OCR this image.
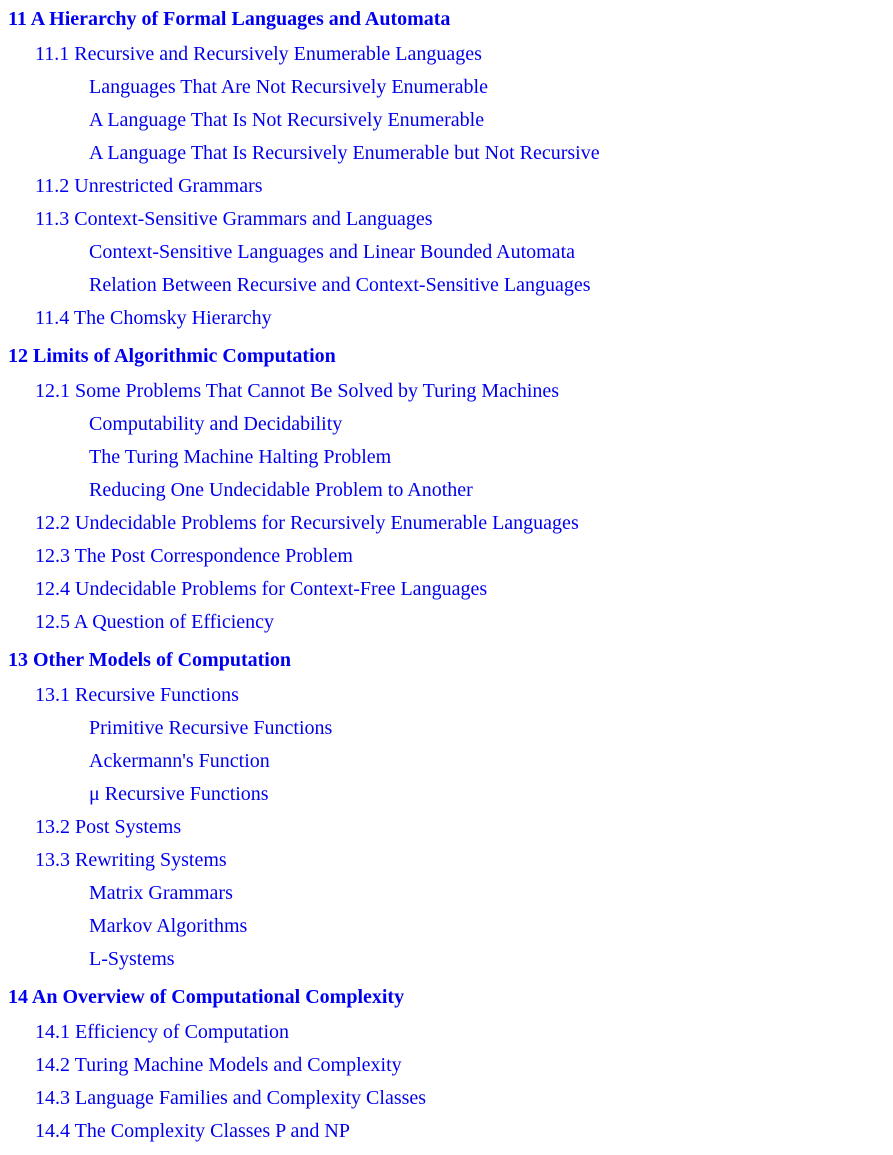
11 A Hierarchy of Formal Languages and Automata
11.1 Recursive and Recursively Enumerable Languages
Languages That Are Not Recursively Enumerable
A Language That Is Not Recursively Enumerable
A Language That Is Recursively Enumerable but Not Recursive
11.2 Unrestricted Grammars
11.3 Context-Sensitive Grammars and Languages
Context-Sensitive Languages and Linear Bounded Automata
Relation Between Recursive and Context-Sensitive Languages
11.4 The Chomsky Hierarchy
12 Limits of Algorithmic Computation
12.1 Some Problems That Cannot Be Solved by Turing Machines
Computability and Decidability
The Turing Machine Halting Problem
Reducing One Undecidable Problem to Another
12.2 Undecidable Problems for Recursively Enumerable Languages
12.3 The Post Correspondence Problem
12.4 Undecidable Problems for Context-Free Languages
12.5 A Question of Efficiency
13 Other Models of Computation
13.1 Recursive Functions
Primitive Recursive Functions
Ackermann's Function
μ Recursive Functions
13.2 Post Systems
13.3 Rewriting Systems
Matrix Grammars
Markov Algorithms
L-Systems
14 An Overview of Computational Complexity
14.1 Efficiency of Computation
14.2 Turing Machine Models and Complexity
14.3 Language Families and Complexity Classes
14.4 The Complexity Classes P and NP
